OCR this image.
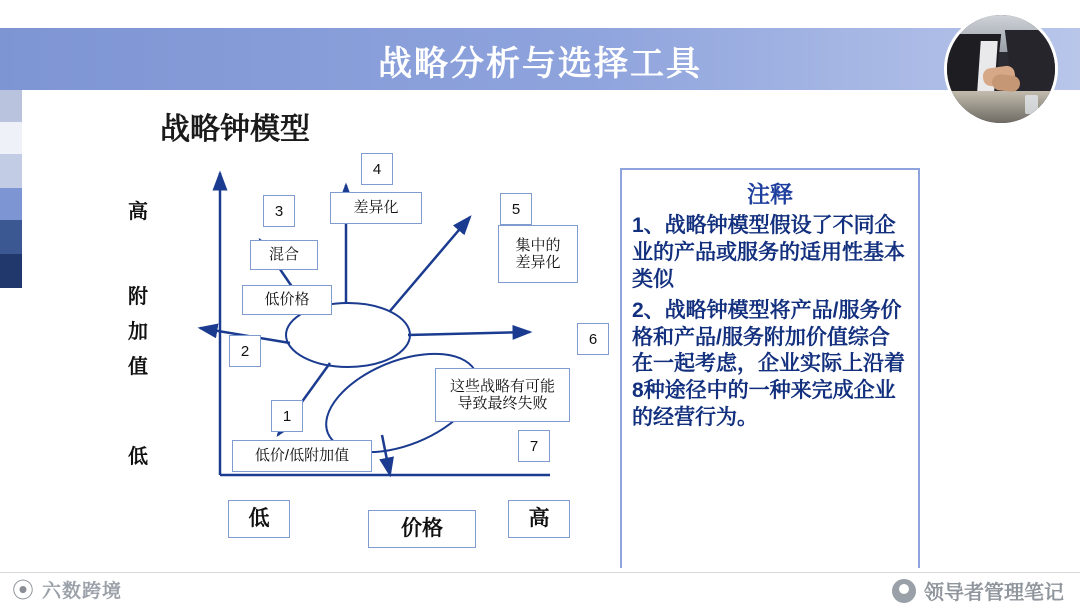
战略分析与选择工具
战略钟模型
高
附
加
值
低
1
2
3
4
5
6
7
低价/低附加值
低价格
混合
差异化
集中的
差异化
这些战略有可能
导致最终失败
低	价格	高
注释

1、战略钟模型假设了不同企业的产品或服务的适用性基本类似

2、战略钟模型将产品/服务价格和产品/服务附加价值综合在一起考虑，企业实际上沿着8种途径中的一种来完成企业的经营行为。

⦿ 六数跨境	领导者管理笔记
